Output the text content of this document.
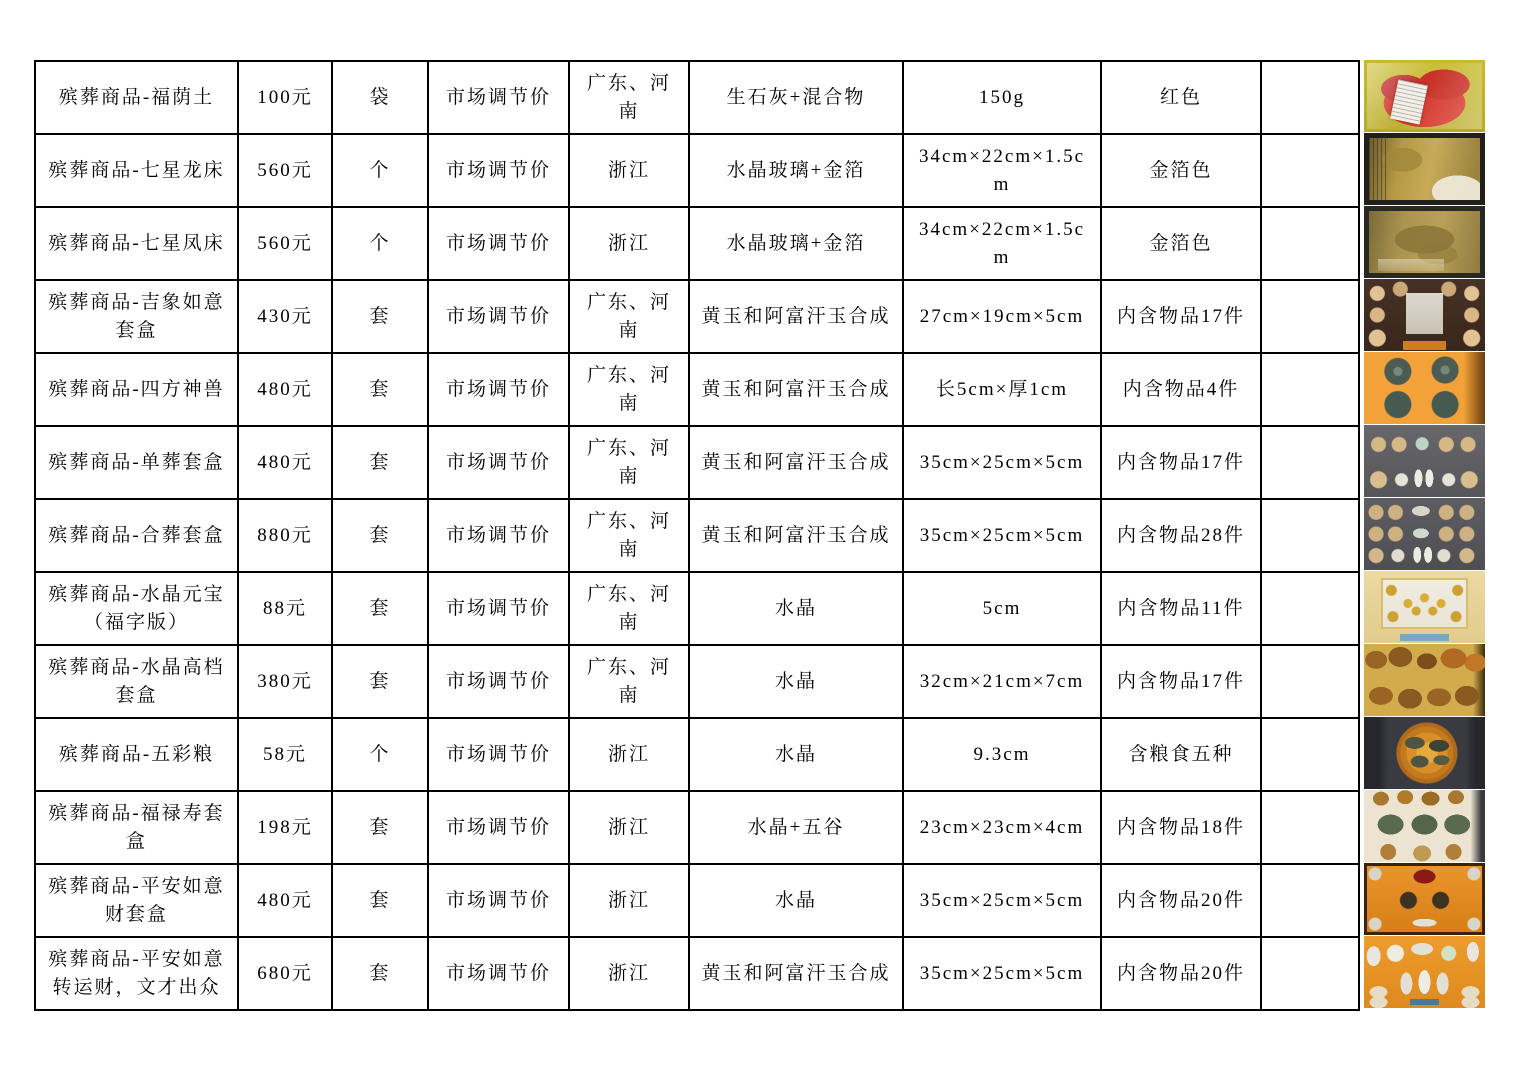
殡葬商品-福荫土	100元	袋	市场调节价	广东、河南	生石灰+混合物	150g	红色	
殡葬商品-七星龙床	560元	个	市场调节价	浙江	水晶玻璃+金箔	34cm×22cm×1.5cm	金箔色	
殡葬商品-七星凤床	560元	个	市场调节价	浙江	水晶玻璃+金箔	34cm×22cm×1.5cm	金箔色	
殡葬商品-吉象如意套盒	430元	套	市场调节价	广东、河南	黄玉和阿富汗玉合成	27cm×19cm×5cm	内含物品17件	
殡葬商品-四方神兽	480元	套	市场调节价	广东、河南	黄玉和阿富汗玉合成	长5cm×厚1cm	内含物品4件	
殡葬商品-单葬套盒	480元	套	市场调节价	广东、河南	黄玉和阿富汗玉合成	35cm×25cm×5cm	内含物品17件	
殡葬商品-合葬套盒	880元	套	市场调节价	广东、河南	黄玉和阿富汗玉合成	35cm×25cm×5cm	内含物品28件	
殡葬商品-水晶元宝（福字版）	88元	套	市场调节价	广东、河南	水晶	5cm	内含物品11件	
殡葬商品-水晶高档套盒	380元	套	市场调节价	广东、河南	水晶	32cm×21cm×7cm	内含物品17件	
殡葬商品-五彩粮	58元	个	市场调节价	浙江	水晶	9.3cm	含粮食五种	
殡葬商品-福禄寿套盒	198元	套	市场调节价	浙江	水晶+五谷	23cm×23cm×4cm	内含物品18件	
殡葬商品-平安如意财套盒	480元	套	市场调节价	浙江	水晶	35cm×25cm×5cm	内含物品20件	
殡葬商品-平安如意转运财，文才出众	680元	套	市场调节价	浙江	黄玉和阿富汗玉合成	35cm×25cm×5cm	内含物品20件	
